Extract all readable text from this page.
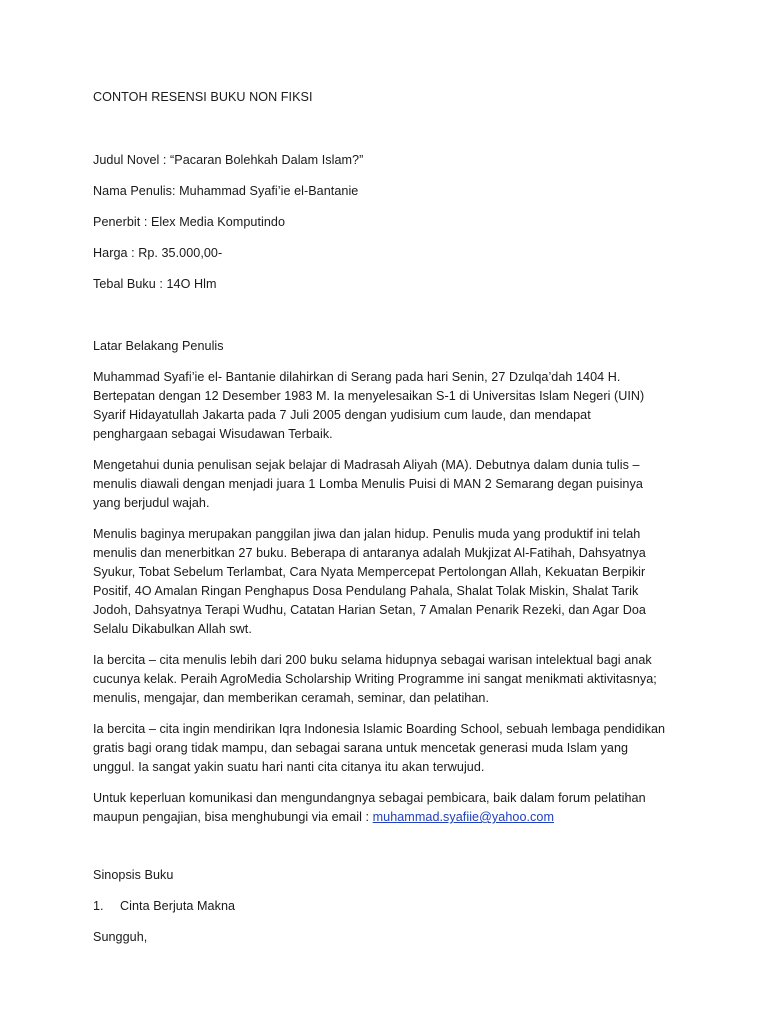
CONTOH RESENSI BUKU NON FIKSI

Judul Novel : “Pacaran Bolehkah Dalam Islam?”

Nama Penulis: Muhammad Syafi’ie el-Bantanie

Penerbit : Elex Media Komputindo

Harga : Rp. 35.000,00-

Tebal Buku : 14O Hlm

Latar Belakang Penulis

Muhammad Syafi’ie el- Bantanie dilahirkan di Serang pada hari Senin, 27 Dzulqa’dah 1404 H.
Bertepatan dengan 12 Desember 1983 M. Ia menyelesaikan S-1 di Universitas Islam Negeri (UIN)
Syarif Hidayatullah Jakarta pada 7 Juli 2005 dengan yudisium cum laude, dan mendapat
penghargaan sebagai Wisudawan Terbaik.
Mengetahui dunia penulisan sejak belajar di Madrasah Aliyah (MA). Debutnya dalam dunia tulis –
menulis diawali dengan menjadi juara 1 Lomba Menulis Puisi di MAN 2 Semarang degan puisinya
yang berjudul wajah.
Menulis baginya merupakan panggilan jiwa dan jalan hidup. Penulis muda yang produktif ini telah
menulis dan menerbitkan 27 buku. Beberapa di antaranya adalah Mukjizat Al-Fatihah, Dahsyatnya
Syukur, Tobat Sebelum Terlambat, Cara Nyata Mempercepat Pertolongan Allah, Kekuatan Berpikir
Positif, 4O Amalan Ringan Penghapus Dosa Pendulang Pahala, Shalat Tolak Miskin, Shalat Tarik
Jodoh, Dahsyatnya Terapi Wudhu, Catatan Harian Setan, 7 Amalan Penarik Rezeki, dan Agar Doa
Selalu Dikabulkan Allah swt.
Ia bercita – cita menulis lebih dari 200 buku selama hidupnya sebagai warisan intelektual bagi anak
cucunya kelak. Peraih AgroMedia Scholarship Writing Programme ini sangat menikmati aktivitasnya;
menulis, mengajar, dan memberikan ceramah, seminar, dan pelatihan.
Ia bercita – cita ingin mendirikan Iqra Indonesia Islamic Boarding School, sebuah lembaga pendidikan
gratis bagi orang tidak mampu, dan sebagai sarana untuk mencetak generasi muda Islam yang
unggul. Ia sangat yakin suatu hari nanti cita citanya itu akan terwujud.
Untuk keperluan komunikasi dan mengundangnya sebagai pembicara, baik dalam forum pelatihan
maupun pengajian, bisa menghubungi via email : muhammad.syafiie@yahoo.com

Sinopsis Buku

1. Cinta Berjuta Makna

Sungguh,
